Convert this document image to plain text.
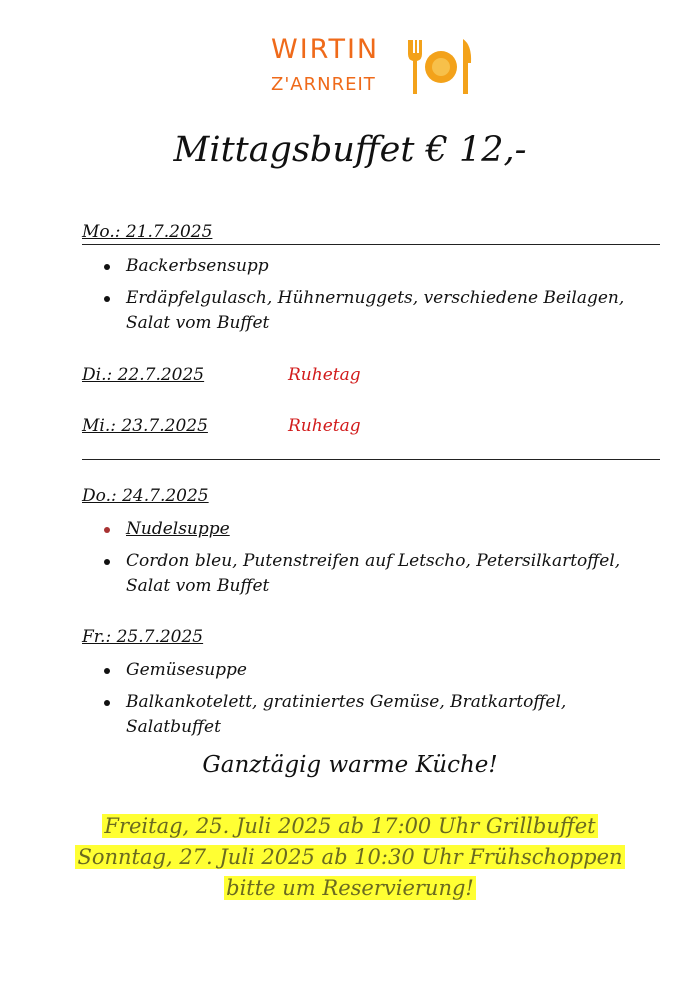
WIRTIN
Z'ARNREIT
Mittagsbuffet € 12,-
Mo.: 21.7.2025
Backerbsensupp
Erdäpfelgulasch, Hühnernuggets, verschiedene Beilagen, Salat vom Buffet
Di.: 22.7.2025	Ruhetag
Mi.: 23.7.2025	Ruhetag
Do.: 24.7.2025
Nudelsuppe
Cordon bleu, Putenstreifen auf Letscho, Petersilkartoffel, Salat vom Buffet
Fr.: 25.7.2025
Gemüsesuppe
Balkankotelett, gratiniertes Gemüse, Bratkartoffel, Salatbuffet
Ganztägig warme Küche!
Freitag, 25. Juli 2025 ab 17:00 Uhr Grillbuffet
Sonntag, 27. Juli 2025 ab 10:30 Uhr Frühschoppen
bitte um Reservierung!
